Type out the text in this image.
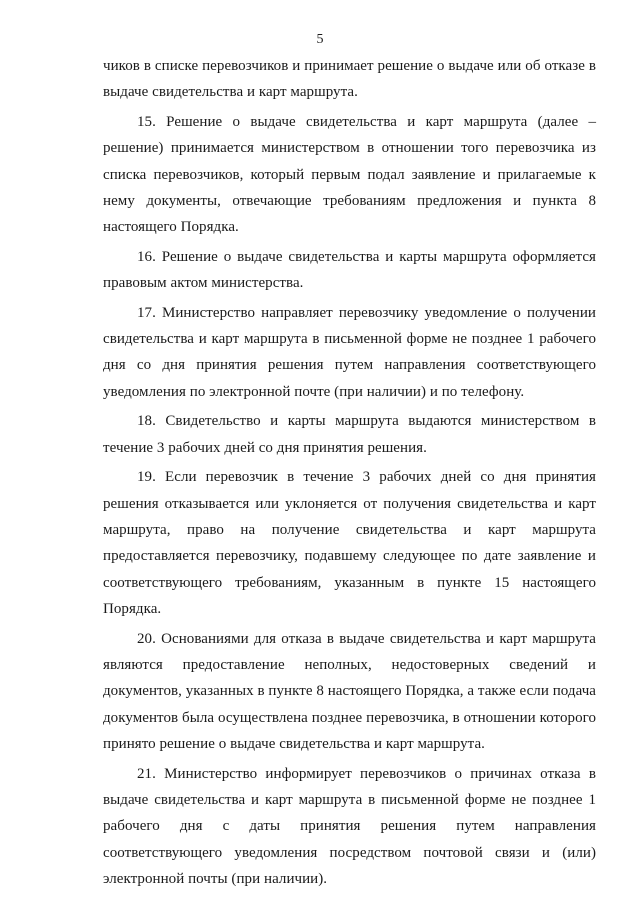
5

чиков в списке перевозчиков и принимает решение о выдаче или об отказе в выдаче свидетельства и карт маршрута.

15. Решение о выдаче свидетельства и карт маршрута (далее – решение) принимается министерством в отношении того перевозчика из списка перевозчиков, который первым подал заявление и прилагаемые к нему документы, отвечающие требованиям предложения и пункта 8 настоящего Порядка.

16. Решение о выдаче свидетельства и карты маршрута оформляется правовым актом министерства.

17. Министерство направляет перевозчику уведомление о получении свидетельства и карт маршрута в письменной форме не позднее 1 рабочего дня со дня принятия решения путем направления соответствующего уведомления по электронной почте (при наличии) и по телефону.

18. Свидетельство и карты маршрута выдаются министерством в течение 3 рабочих дней со дня принятия решения.

19. Если перевозчик в течение 3 рабочих дней со дня принятия решения отказывается или уклоняется от получения свидетельства и карт маршрута, право на получение свидетельства и карт маршрута предоставляется перевозчику, подавшему следующее по дате заявление и соответствующего требованиям, указанным в пункте 15 настоящего Порядка.

20. Основаниями для отказа в выдаче свидетельства и карт маршрута являются предоставление неполных, недостоверных сведений и документов, указанных в пункте 8 настоящего Порядка, а также если подача документов была осуществлена позднее перевозчика, в отношении которого принято решение о выдаче свидетельства и карт маршрута.

21. Министерство информирует перевозчиков о причинах отказа в выдаче свидетельства и карт маршрута в письменной форме не позднее 1 рабочего дня с даты принятия решения путем направления соответствующего уведомления посредством почтовой связи и (или) электронной почты (при наличии).
